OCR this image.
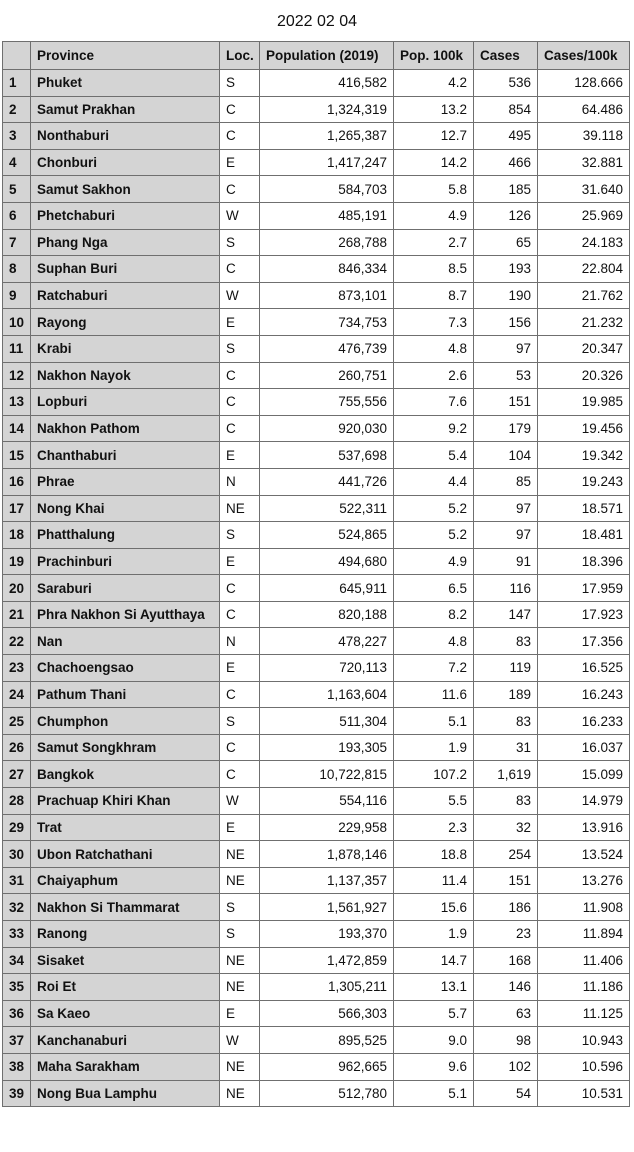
2022 02 04
	Province	Loc.	Population (2019)	Pop. 100k	Cases	Cases/100k
1	Phuket	S	416,582	4.2	536	128.666
2	Samut Prakhan	C	1,324,319	13.2	854	64.486
3	Nonthaburi	C	1,265,387	12.7	495	39.118
4	Chonburi	E	1,417,247	14.2	466	32.881
5	Samut Sakhon	C	584,703	5.8	185	31.640
6	Phetchaburi	W	485,191	4.9	126	25.969
7	Phang Nga	S	268,788	2.7	65	24.183
8	Suphan Buri	C	846,334	8.5	193	22.804
9	Ratchaburi	W	873,101	8.7	190	21.762
10	Rayong	E	734,753	7.3	156	21.232
11	Krabi	S	476,739	4.8	97	20.347
12	Nakhon Nayok	C	260,751	2.6	53	20.326
13	Lopburi	C	755,556	7.6	151	19.985
14	Nakhon Pathom	C	920,030	9.2	179	19.456
15	Chanthaburi	E	537,698	5.4	104	19.342
16	Phrae	N	441,726	4.4	85	19.243
17	Nong Khai	NE	522,311	5.2	97	18.571
18	Phatthalung	S	524,865	5.2	97	18.481
19	Prachinburi	E	494,680	4.9	91	18.396
20	Saraburi	C	645,911	6.5	116	17.959
21	Phra Nakhon Si Ayutthaya	C	820,188	8.2	147	17.923
22	Nan	N	478,227	4.8	83	17.356
23	Chachoengsao	E	720,113	7.2	119	16.525
24	Pathum Thani	C	1,163,604	11.6	189	16.243
25	Chumphon	S	511,304	5.1	83	16.233
26	Samut Songkhram	C	193,305	1.9	31	16.037
27	Bangkok	C	10,722,815	107.2	1,619	15.099
28	Prachuap Khiri Khan	W	554,116	5.5	83	14.979
29	Trat	E	229,958	2.3	32	13.916
30	Ubon Ratchathani	NE	1,878,146	18.8	254	13.524
31	Chaiyaphum	NE	1,137,357	11.4	151	13.276
32	Nakhon Si Thammarat	S	1,561,927	15.6	186	11.908
33	Ranong	S	193,370	1.9	23	11.894
34	Sisaket	NE	1,472,859	14.7	168	11.406
35	Roi Et	NE	1,305,211	13.1	146	11.186
36	Sa Kaeo	E	566,303	5.7	63	11.125
37	Kanchanaburi	W	895,525	9.0	98	10.943
38	Maha Sarakham	NE	962,665	9.6	102	10.596
39	Nong Bua Lamphu	NE	512,780	5.1	54	10.531
